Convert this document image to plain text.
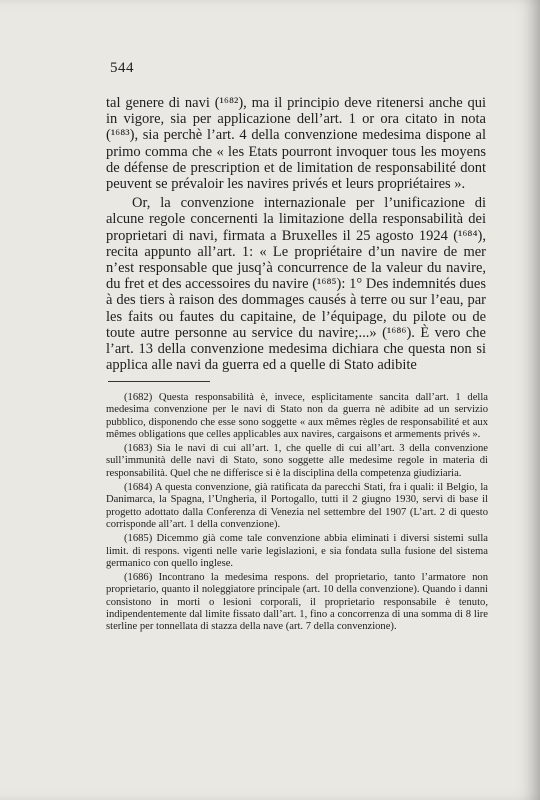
544

tal genere di navi (¹⁶⁸²), ma il principio deve ritenersi anche qui in vigore, sia per applicazione dell’art. 1 or ora citato in nota (¹⁶⁸³), sia perchè l’art. 4 della convenzione medesima dispone al primo comma che « les Etats pourront invoquer tous les moyens de défense de prescription et de limitation de responsabilité dont peuvent se prévaloir les navires privés et leurs propriétaires ».

Or, la convenzione internazionale per l’unificazione di alcune regole concernenti la limitazione della responsabilità dei proprietari di navi, firmata a Bruxelles il 25 agosto 1924 (¹⁶⁸⁴), recita appunto all’art. 1: « Le propriétaire d’un navire de mer n’est responsable que jusq’à concurrence de la valeur du navire, du fret et des accessoires du navire (¹⁶⁸⁵): 1° Des indemnités dues à des tiers à raison des dommages causés à terre ou sur l’eau, par les faits ou fautes du capitaine, de l’équipage, du pilote ou de toute autre personne au service du navire;...» (¹⁶⁸⁶). È vero che l’art. 13 della convenzione medesima dichiara che questa non si applica alle navi da guerra ed a quelle di Stato adibite

(1682) Questa responsabilità è, invece, esplicitamente sancita dall’art. 1 della medesima convenzione per le navi di Stato non da guerra nè adibite ad un servizio pubblico, disponendo che esse sono soggette « aux mêmes règles de responsabilité et aux mêmes obligations que celles applicables aux navires, cargaisons et armements privés ».

(1683) Sia le navi di cui all’art. 1, che quelle di cui all’art. 3 della convenzione sull’immunità delle navi di Stato, sono soggette alle medesime regole in materia di responsabilità. Quel che ne differisce si è la disciplina della competenza giudiziaria.

(1684) A questa convenzione, già ratificata da parecchi Stati, fra i quali: il Belgio, la Danimarca, la Spagna, l’Ungheria, il Portogallo, tutti il 2 giugno 1930, servì di base il progetto adottato dalla Conferenza di Venezia nel settembre del 1907 (L’art. 2 di questo corrisponde all’art. 1 della convenzione).

(1685) Dicemmo già come tale convenzione abbia eliminati i diversi sistemi sulla limit. di respons. vigenti nelle varie legislazioni, e sia fondata sulla fusione del sistema germanico con quello inglese.

(1686) Incontrano la medesima respons. del proprietario, tanto l’armatore non proprietario, quanto il noleggiatore principale (art. 10 della convenzione). Quando i danni consistono in morti o lesioni corporali, il proprietario responsabile è tenuto, indipendentemente dal limite fissato dall’art. 1, fino a concorrenza di una somma di 8 lire sterline per tonnellata di stazza della nave (art. 7 della convenzione).
